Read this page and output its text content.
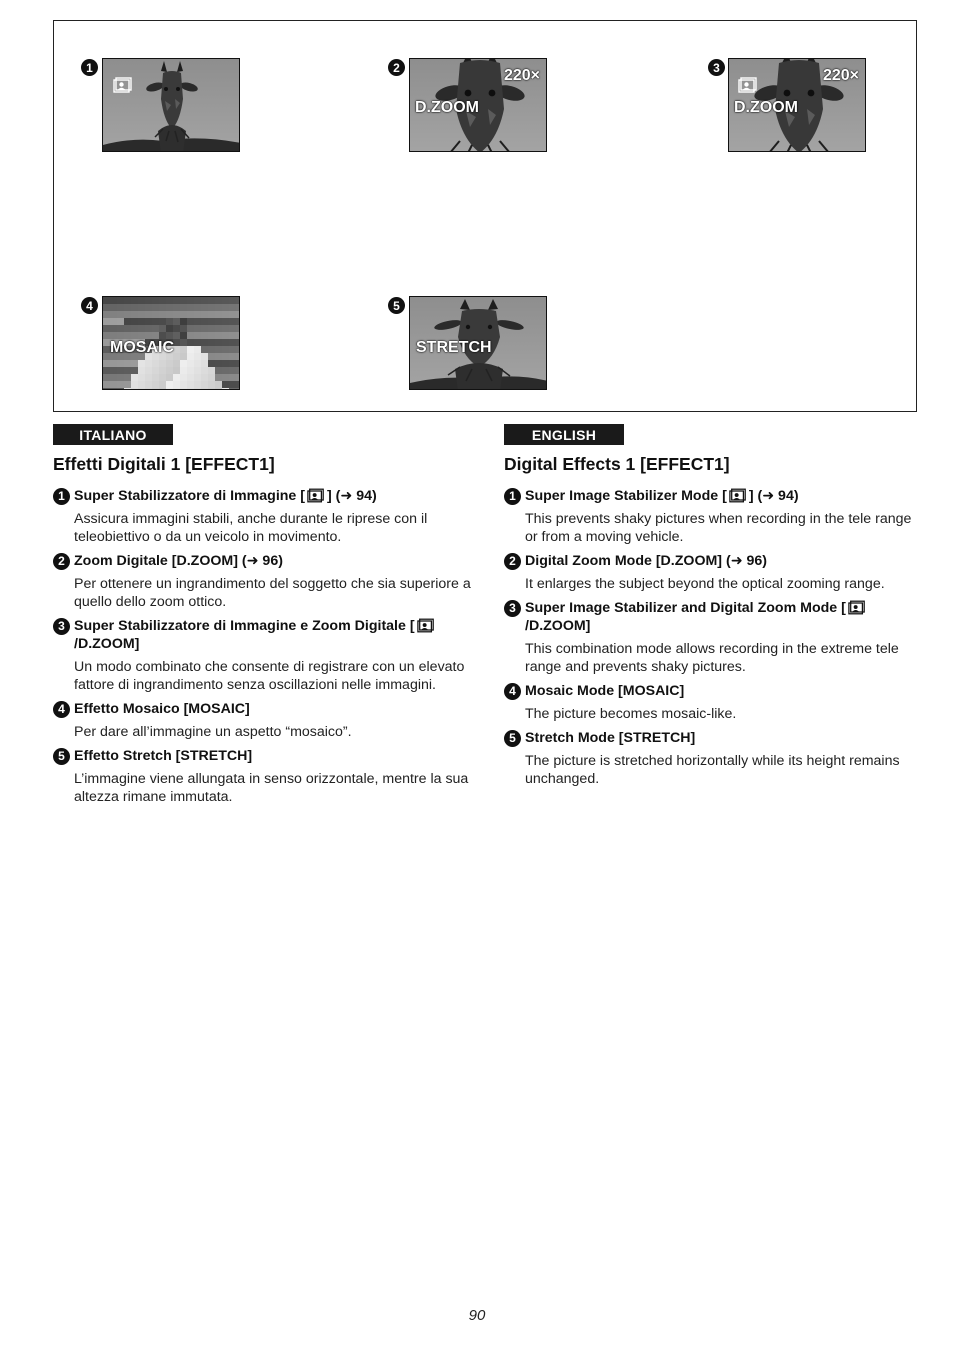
1	2	220×
D.ZOOM
3	220×
D.ZOOM
4
MOSAIC
5
STRETCH
ITALIANO
Effetti Digitali 1 [EFFECT1]
1 Super Stabilizzatore di Immagine [ ] (➜ 94)
Assicura immagini stabili, anche durante le riprese con il teleobiettivo o da un veicolo in movimento.
2 Zoom Digitale [D.ZOOM] (➜ 96)
Per ottenere un ingrandimento del soggetto che sia superiore a quello dello zoom ottico.
3 Super Stabilizzatore di Immagine e Zoom Digitale [/D.ZOOM]
Un modo combinato che consente di registrare con un elevato fattore di ingrandimento senza oscillazioni nelle immagini.
4 Effetto Mosaico [MOSAIC]
Per dare all’immagine un aspetto “mosaico”.
5 Effetto Stretch [STRETCH]
L’immagine viene allungata in senso orizzontale, mentre la sua altezza rimane immutata.
ENGLISH
Digital Effects 1 [EFFECT1]
1 Super Image Stabilizer Mode [ ] (➜ 94)
This prevents shaky pictures when recording in the tele range or from a moving vehicle.
2 Digital Zoom Mode [D.ZOOM] (➜ 96)
It enlarges the subject beyond the optical zooming range.
3 Super Image Stabilizer and Digital Zoom Mode [/D.ZOOM]
This combination mode allows recording in the extreme tele range and prevents shaky pictures.
4 Mosaic Mode [MOSAIC]
The picture becomes mosaic-like.
5 Stretch Mode [STRETCH]
The picture is stretched horizontally while its height remains unchanged.
90
